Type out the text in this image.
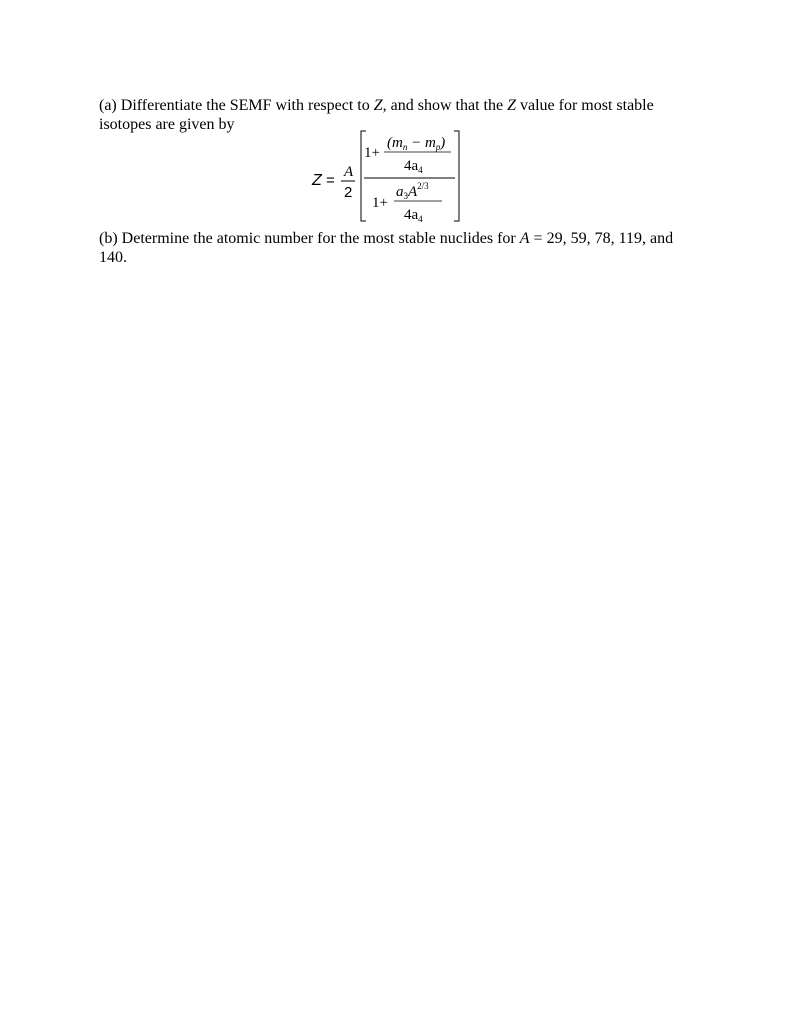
(a) Differentiate the SEMF with respect to Z, and show that the Z value for most stable
isotopes are given by

Z = A
2
1+
$(m_n - m_p)$
$4a_4$
1+
$a_3A^{2/3}$
$4a_4$

(b) Determine the atomic number for the most stable nuclides for A = 29, 59, 78, 119, and
140.
